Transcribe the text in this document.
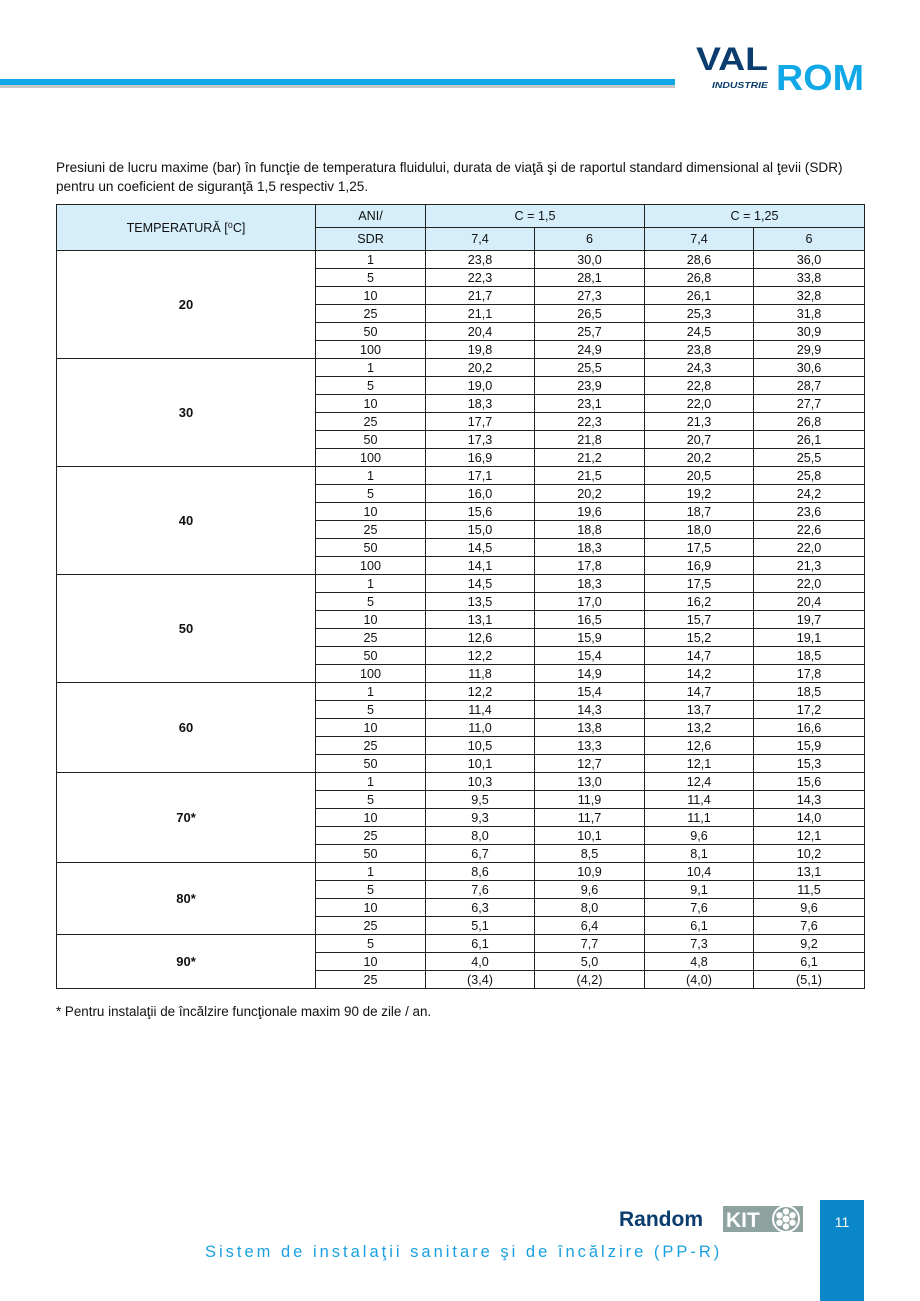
VAL ROM
INDUSTRIE
Presiuni de lucru maxime (bar) în funcţie de temperatura fluidului, durata de viaţă şi de raportul standard dimensional al ţevii (SDR) pentru un coeficient de siguranţă 1,5 respectiv 1,25.
TEMPERATURĂ [⁰C]	ANI/	C = 1,5		C = 1,25	
	SDR	7,4	6	7,4	6
20	1	23,8	30,0	28,6	36,0
	5	22,3	28,1	26,8	33,8
	10	21,7	27,3	26,1	32,8
	25	21,1	26,5	25,3	31,8
	50	20,4	25,7	24,5	30,9
	100	19,8	24,9	23,8	29,9
30	1	20,2	25,5	24,3	30,6
	5	19,0	23,9	22,8	28,7
	10	18,3	23,1	22,0	27,7
	25	17,7	22,3	21,3	26,8
	50	17,3	21,8	20,7	26,1
	100	16,9	21,2	20,2	25,5
40	1	17,1	21,5	20,5	25,8
	5	16,0	20,2	19,2	24,2
	10	15,6	19,6	18,7	23,6
	25	15,0	18,8	18,0	22,6
	50	14,5	18,3	17,5	22,0
	100	14,1	17,8	16,9	21,3
50	1	14,5	18,3	17,5	22,0
	5	13,5	17,0	16,2	20,4
	10	13,1	16,5	15,7	19,7
	25	12,6	15,9	15,2	19,1
	50	12,2	15,4	14,7	18,5
	100	11,8	14,9	14,2	17,8
60	1	12,2	15,4	14,7	18,5
	5	11,4	14,3	13,7	17,2
	10	11,0	13,8	13,2	16,6
	25	10,5	13,3	12,6	15,9
	50	10,1	12,7	12,1	15,3
70*	1	10,3	13,0	12,4	15,6
	5	9,5	11,9	11,4	14,3
	10	9,3	11,7	11,1	14,0
	25	8,0	10,1	9,6	12,1
	50	6,7	8,5	8,1	10,2
80*	1	8,6	10,9	10,4	13,1
	5	7,6	9,6	9,1	11,5
	10	6,3	8,0	7,6	9,6
	25	5,1	6,4	6,1	7,6
90*	5	6,1	7,7	7,3	9,2
	10	4,0	5,0	4,8	6,1
	25	(3,4)	(4,2)	(4,0)	(5,1)
* Pentru instalaţii de încălzire funcţionale maxim 90 de zile / an.
Random KIT
Sistem de instalaţii sanitare şi de încălzire (PP-R)
11
